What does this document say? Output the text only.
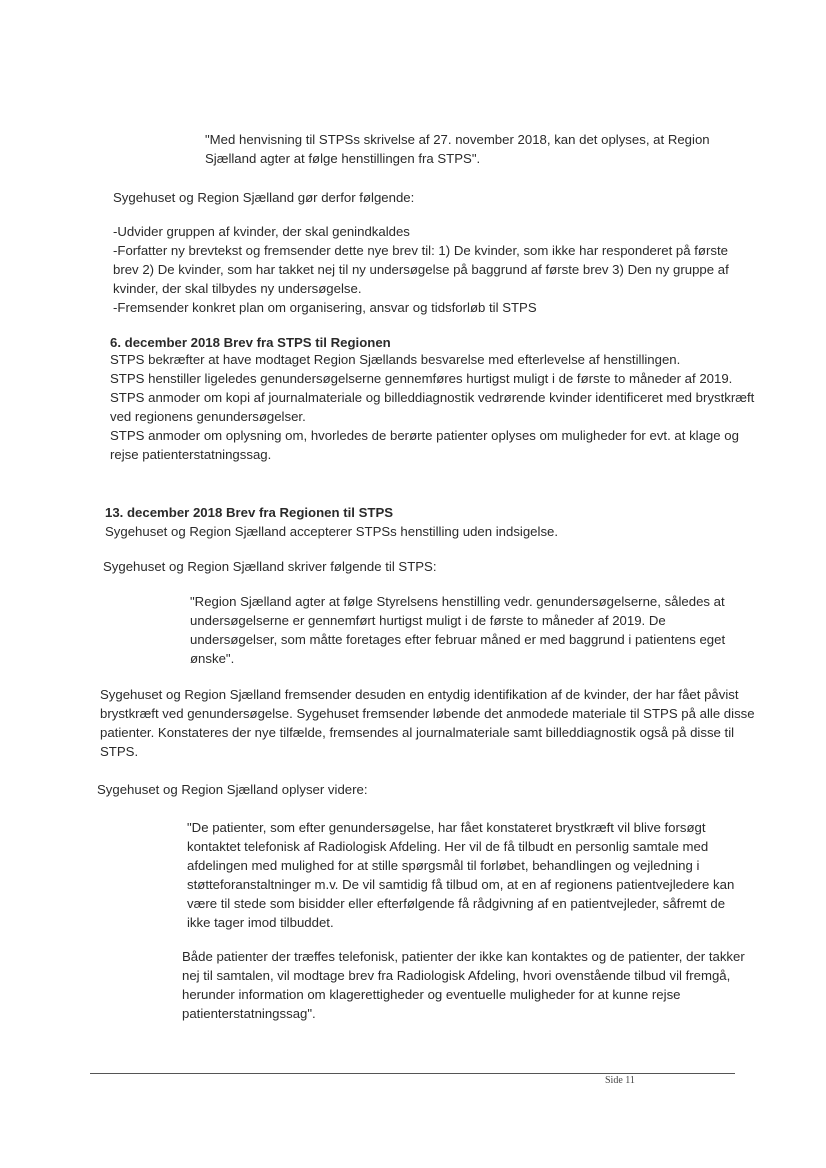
"Med henvisning til STPSs skrivelse af 27. november 2018, kan det oplyses, at Region Sjælland agter at følge henstillingen fra STPS".

Sygehuset og Region Sjælland gør derfor følgende:

-Udvider gruppen af kvinder, der skal genindkaldes

-Forfatter ny brevtekst og fremsender dette nye brev til: 1) De kvinder, som ikke har responderet på første brev 2) De kvinder, som har takket nej til ny undersøgelse på baggrund af første brev 3) Den ny gruppe af kvinder, der skal tilbydes ny undersøgelse.

-Fremsender konkret plan om organisering, ansvar og tidsforløb til STPS

6. december 2018 Brev fra STPS til Regionen

STPS bekræfter at have modtaget Region Sjællands besvarelse med efterlevelse af henstillingen.

STPS henstiller ligeledes genundersøgelserne gennemføres hurtigst muligt i de første to måneder af 2019.

STPS anmoder om kopi af journalmateriale og billeddiagnostik vedrørende kvinder identificeret med brystkræft ved regionens genundersøgelser.

STPS anmoder om oplysning om, hvorledes de berørte patienter oplyses om muligheder for evt. at klage og rejse patienterstatningssag.

13. december 2018 Brev fra Regionen til STPS

Sygehuset og Region Sjælland accepterer STPSs henstilling uden indsigelse.

Sygehuset og Region Sjælland skriver følgende til STPS:

"Region Sjælland agter at følge Styrelsens henstilling vedr. genundersøgelserne, således at undersøgelserne er gennemført hurtigst muligt i de første to måneder af 2019. De undersøgelser, som måtte foretages efter februar måned er med baggrund i patientens eget ønske".

Sygehuset og Region Sjælland fremsender desuden en entydig identifikation af de kvinder, der har fået påvist brystkræft ved genundersøgelse. Sygehuset fremsender løbende det anmodede materiale til STPS på alle disse patienter. Konstateres der nye tilfælde, fremsendes al journalmateriale samt billeddiagnostik også på disse til STPS.

Sygehuset og Region Sjælland oplyser videre:

"De patienter, som efter genundersøgelse, har fået konstateret brystkræft vil blive forsøgt kontaktet telefonisk af Radiologisk Afdeling. Her vil de få tilbudt en personlig samtale med afdelingen med mulighed for at stille spørgsmål til forløbet, behandlingen og vejledning i støtteforanstaltninger m.v. De vil samtidig få tilbud om, at en af regionens patientvejledere kan være til stede som bisidder eller efterfølgende få rådgivning af en patientvejleder, såfremt de ikke tager imod tilbuddet.

Både patienter der træffes telefonisk, patienter der ikke kan kontaktes og de patienter, der takker nej til samtalen, vil modtage brev fra Radiologisk Afdeling, hvori ovenstående tilbud vil fremgå, herunder information om klagerettigheder og eventuelle muligheder for at kunne rejse patienterstatningssag".

Side 11
